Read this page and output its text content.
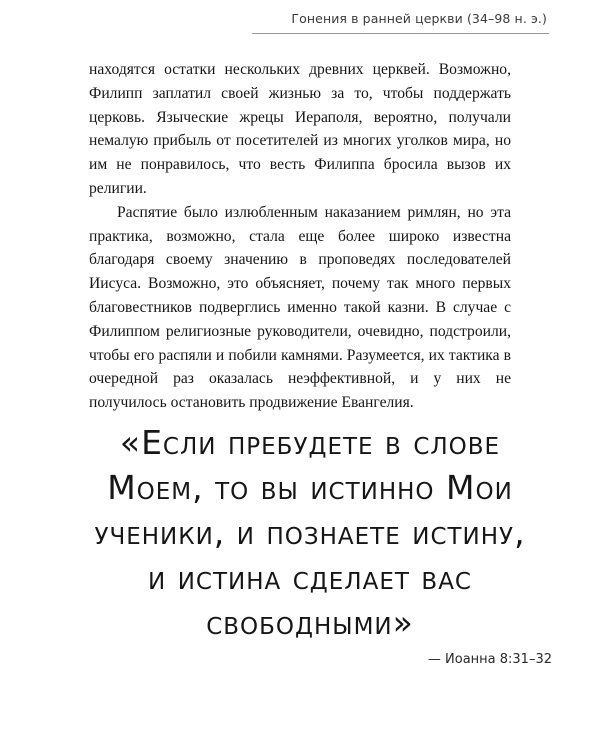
Гонения в ранней церкви (34–98 н. э.)

находятся остатки нескольких древних церквей. Возможно, Филипп заплатил своей жизнью за то, чтобы поддержать церковь. Языческие жрецы Иераполя, вероятно, получали немалую прибыль от посетителей из многих уголков мира, но им не понравилось, что весть Филиппа бросила вызов их религии.

Распятие было излюбленным наказанием римлян, но эта практика, возможно, стала еще более широко известна благодаря своему значению в проповедях последователей Иисуса. Возможно, это объясняет, почему так много первых благовестников подверглись именно такой казни. В случае с Филиппом религиозные руководители, очевидно, подстроили, чтобы его распяли и побили камнями. Разумеется, их тактика в очередной раз оказалась неэффективной, и у них не получилось остановить продвижение Евангелия.

«Если пребудете в слове
Моем, то вы истинно Мои
ученики, и познаете истину,
и истина сделает вас
свободными»
— Иоанна 8:31–32
